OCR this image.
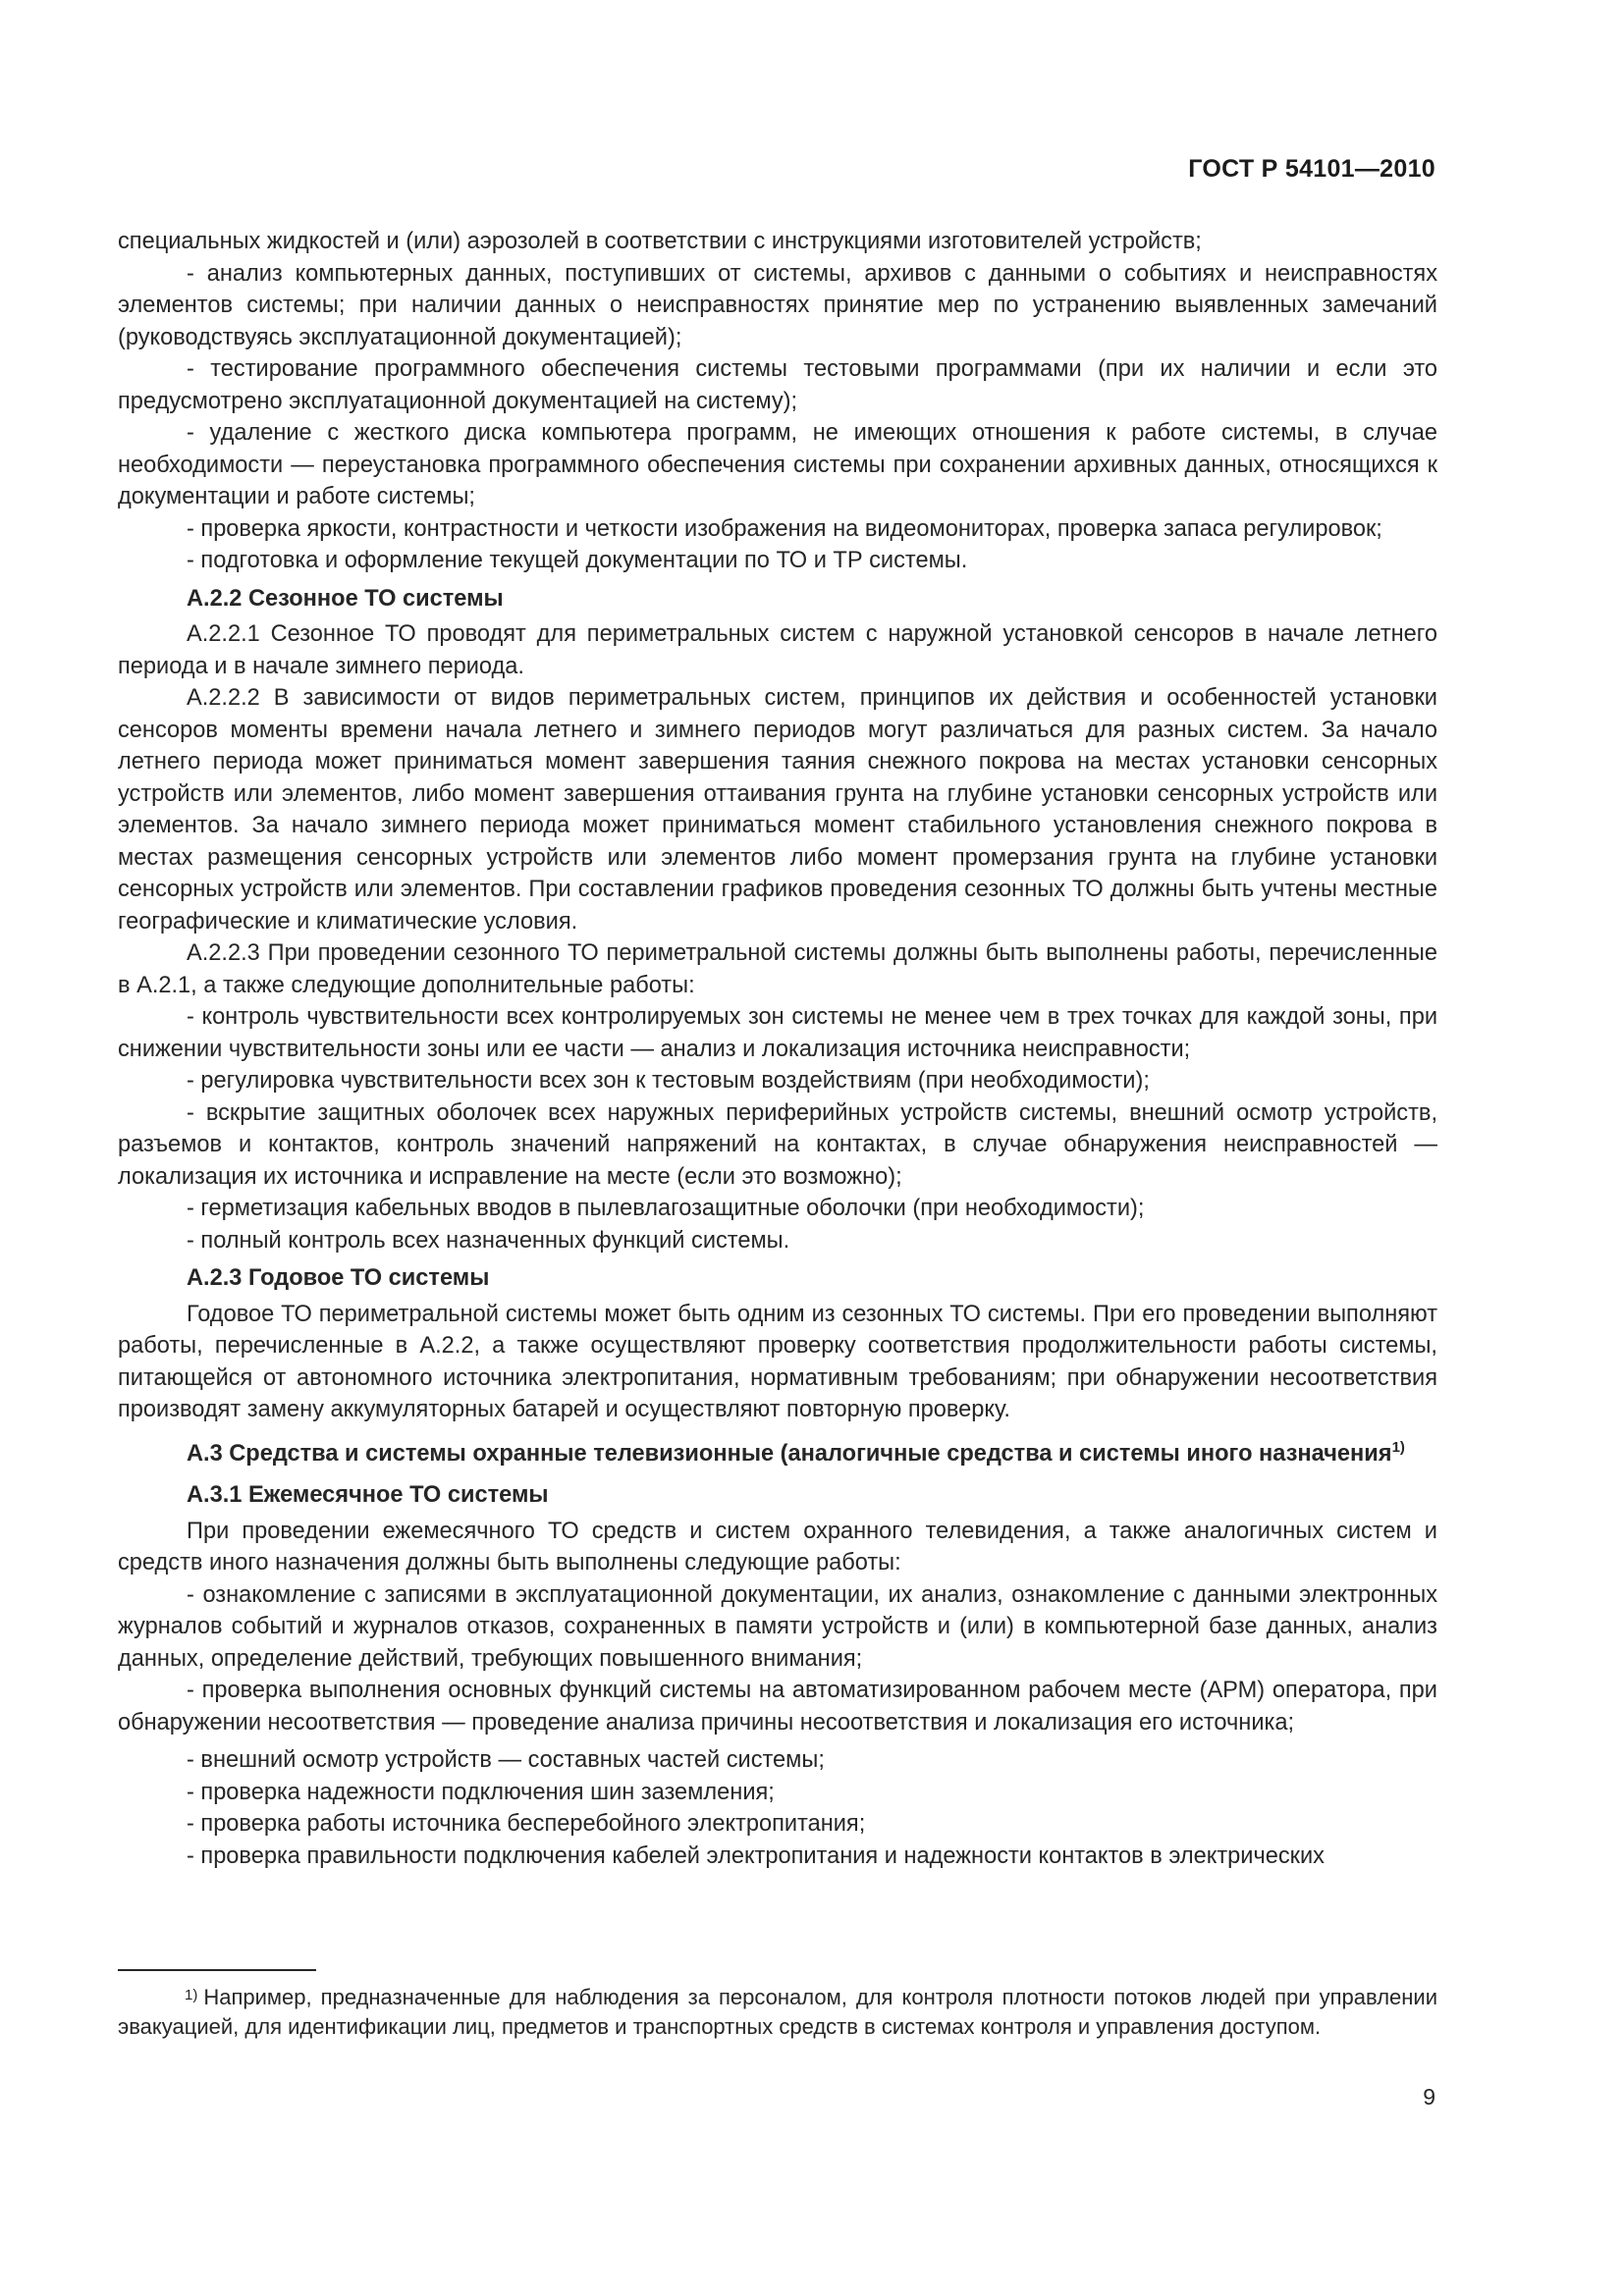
ГОСТ Р 54101—2010

специальных жидкостей и (или) аэрозолей в соответствии с инструкциями изготовителей устройств;

- анализ компьютерных данных, поступивших от системы, архивов с данными о событиях и неисправностях элементов системы; при наличии данных о неисправностях принятие мер по устранению выявленных замечаний (руководствуясь эксплуатационной документацией);

- тестирование программного обеспечения системы тестовыми программами (при их наличии и если это предусмотрено эксплуатационной документацией на систему);

- удаление с жесткого диска компьютера программ, не имеющих отношения к работе системы, в случае необходимости — переустановка программного обеспечения системы при сохранении архивных данных, относящихся к документации и работе системы;

- проверка яркости, контрастности и четкости изображения на видеомониторах, проверка запаса регулировок;

- подготовка и оформление текущей документации по ТО и ТР системы.

А.2.2 Сезонное ТО системы

А.2.2.1 Сезонное ТО проводят для периметральных систем с наружной установкой сенсоров в начале летнего периода и в начале зимнего периода.

А.2.2.2 В зависимости от видов периметральных систем, принципов их действия и особенностей установки сенсоров моменты времени начала летнего и зимнего периодов могут различаться для разных систем. За начало летнего периода может приниматься момент завершения таяния снежного покрова на местах установки сенсорных устройств или элементов, либо момент завершения оттаивания грунта на глубине установки сенсорных устройств или элементов. За начало зимнего периода может приниматься момент стабильного установления снежного покрова в местах размещения сенсорных устройств или элементов либо момент промерзания грунта на глубине установки сенсорных устройств или элементов. При составлении графиков проведения сезонных ТО должны быть учтены местные географические и климатические условия.

А.2.2.3 При проведении сезонного ТО периметральной системы должны быть выполнены работы, перечисленные в А.2.1, а также следующие дополнительные работы:

- контроль чувствительности всех контролируемых зон системы не менее чем в трех точках для каждой зоны, при снижении чувствительности зоны или ее части — анализ и локализация источника неисправности;

- регулировка чувствительности всех зон к тестовым воздействиям (при необходимости);

- вскрытие защитных оболочек всех наружных периферийных устройств системы, внешний осмотр устройств, разъемов и контактов, контроль значений напряжений на контактах, в случае обнаружения неисправностей — локализация их источника и исправление на месте (если это возможно);

- герметизация кабельных вводов в пылевлагозащитные оболочки (при необходимости);

- полный контроль всех назначенных функций системы.

А.2.3 Годовое ТО системы

Годовое ТО периметральной системы может быть одним из сезонных ТО системы. При его проведении выполняют работы, перечисленные в А.2.2, а также осуществляют проверку соответствия продолжительности работы системы, питающейся от автономного источника электропитания, нормативным требованиям; при обнаружении несоответствия производят замену аккумуляторных батарей и осуществляют повторную проверку.

А.3 Средства и системы охранные телевизионные (аналогичные средства и системы иного назначения$^{1)}$

А.3.1 Ежемесячное ТО системы

При проведении ежемесячного ТО средств и систем охранного телевидения, а также аналогичных систем и средств иного назначения должны быть выполнены следующие работы:

- ознакомление с записями в эксплуатационной документации, их анализ, ознакомление с данными электронных журналов событий и журналов отказов, сохраненных в памяти устройств и (или) в компьютерной базе данных, анализ данных, определение действий, требующих повышенного внимания;

- проверка выполнения основных функций системы на автоматизированном рабочем месте (АРМ) оператора, при обнаружении несоответствия — проведение анализа причины несоответствия и локализация его источника;

- внешний осмотр устройств — составных частей системы;

- проверка надежности подключения шин заземления;

- проверка работы источника бесперебойного электропитания;

- проверка правильности подключения кабелей электропитания и надежности контактов в электрических

$^{1)}$ Например, предназначенные для наблюдения за персоналом, для контроля плотности потоков людей при управлении эвакуацией, для идентификации лиц, предметов и транспортных средств в системах контроля и управления доступом.
9
